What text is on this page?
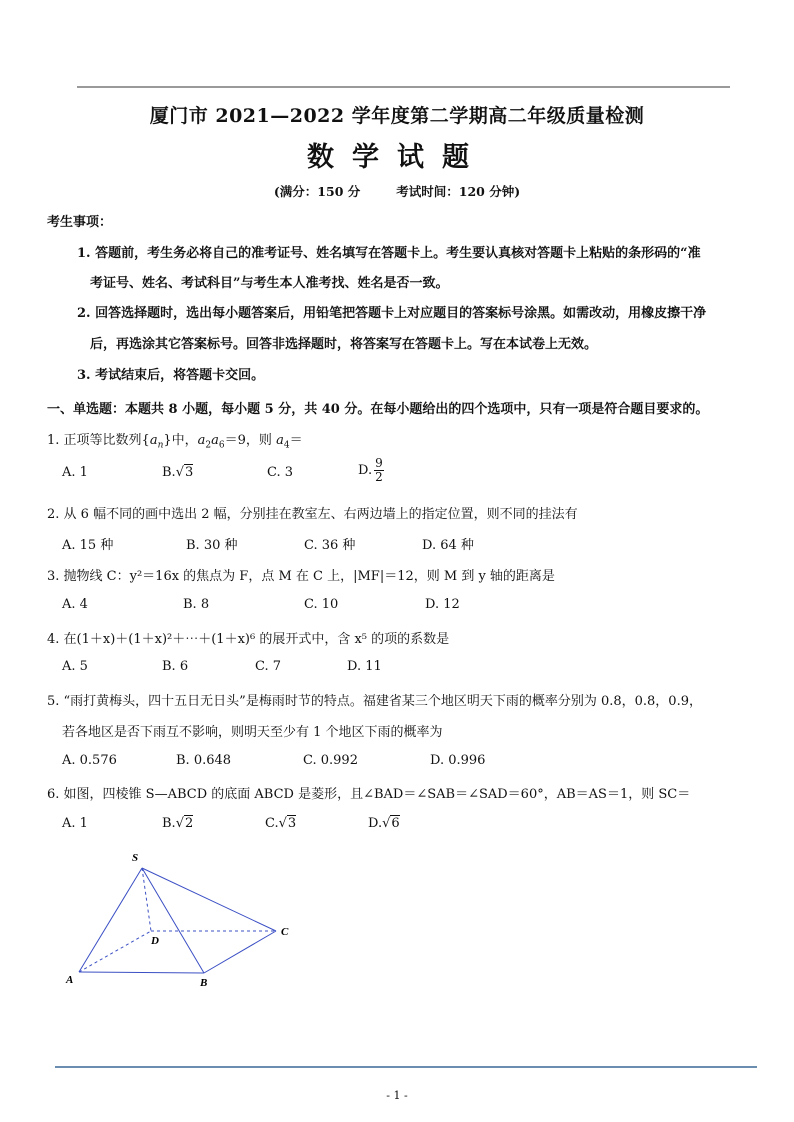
厦门市 2021—2022 学年度第二学期高二年级质量检测
数学试题
(满分：150 分	考试时间：120 分钟)
考生事项：
1. 答题前，考生务必将自己的准考证号、姓名填写在答题卡上。考生要认真核对答题卡上粘贴的条形码的“准
考证号、姓名、考试科目”与考生本人准考找、姓名是否一致。
2. 回答选择题时，选出每小题答案后，用铅笔把答题卡上对应题目的答案标号涂黑。如需改动，用橡皮擦干净
后，再选涂其它答案标号。回答非选择题时，将答案写在答题卡上。写在本试卷上无效。
3. 考试结束后，将答题卡交回。
一、单选题：本题共 8 小题，每小题 5 分，共 40 分。在每小题给出的四个选项中，只有一项是符合题目要求的。
1. 正项等比数列$\{a_n\}$中，$a_2a_6=9$，则 $a_4=$
A. 1	B.√3	C. 3	D. $\frac{9}{2}$
2. 从 6 幅不同的画中选出 2 幅，分别挂在教室左、右两边墙上的指定位置，则不同的挂法有
A. 15 种	B. 30 种	C. 36 种	D. 64 种
3. 抛物线 C：y²＝16x 的焦点为 F，点 M 在 C 上，|MF|＝12，则 M 到 y 轴的距离是
A. 4	B. 8	C. 10	D. 12
4. 在(1＋x)＋(1＋x)²＋⋯＋(1＋x)⁶ 的展开式中，含 x⁵ 的项的系数是
A. 5	B. 6	C. 7	D. 11
5. “雨打黄梅头，四十五日无日头”是梅雨时节的特点。福建省某三个地区明天下雨的概率分别为 0.8，0.8，0.9，
若各地区是否下雨互不影响，则明天至少有 1 个地区下雨的概率为
A. 0.576	B. 0.648	C. 0.992	D. 0.996
6. 如图，四棱锥 S—ABCD 的底面 ABCD 是菱形，且∠BAD＝∠SAB＝∠SAD＝60°，AB＝AS＝1，则 SC＝
A. 1	B.√2	C.√3	D.√6
S
A	B
C
D
- 1 -
